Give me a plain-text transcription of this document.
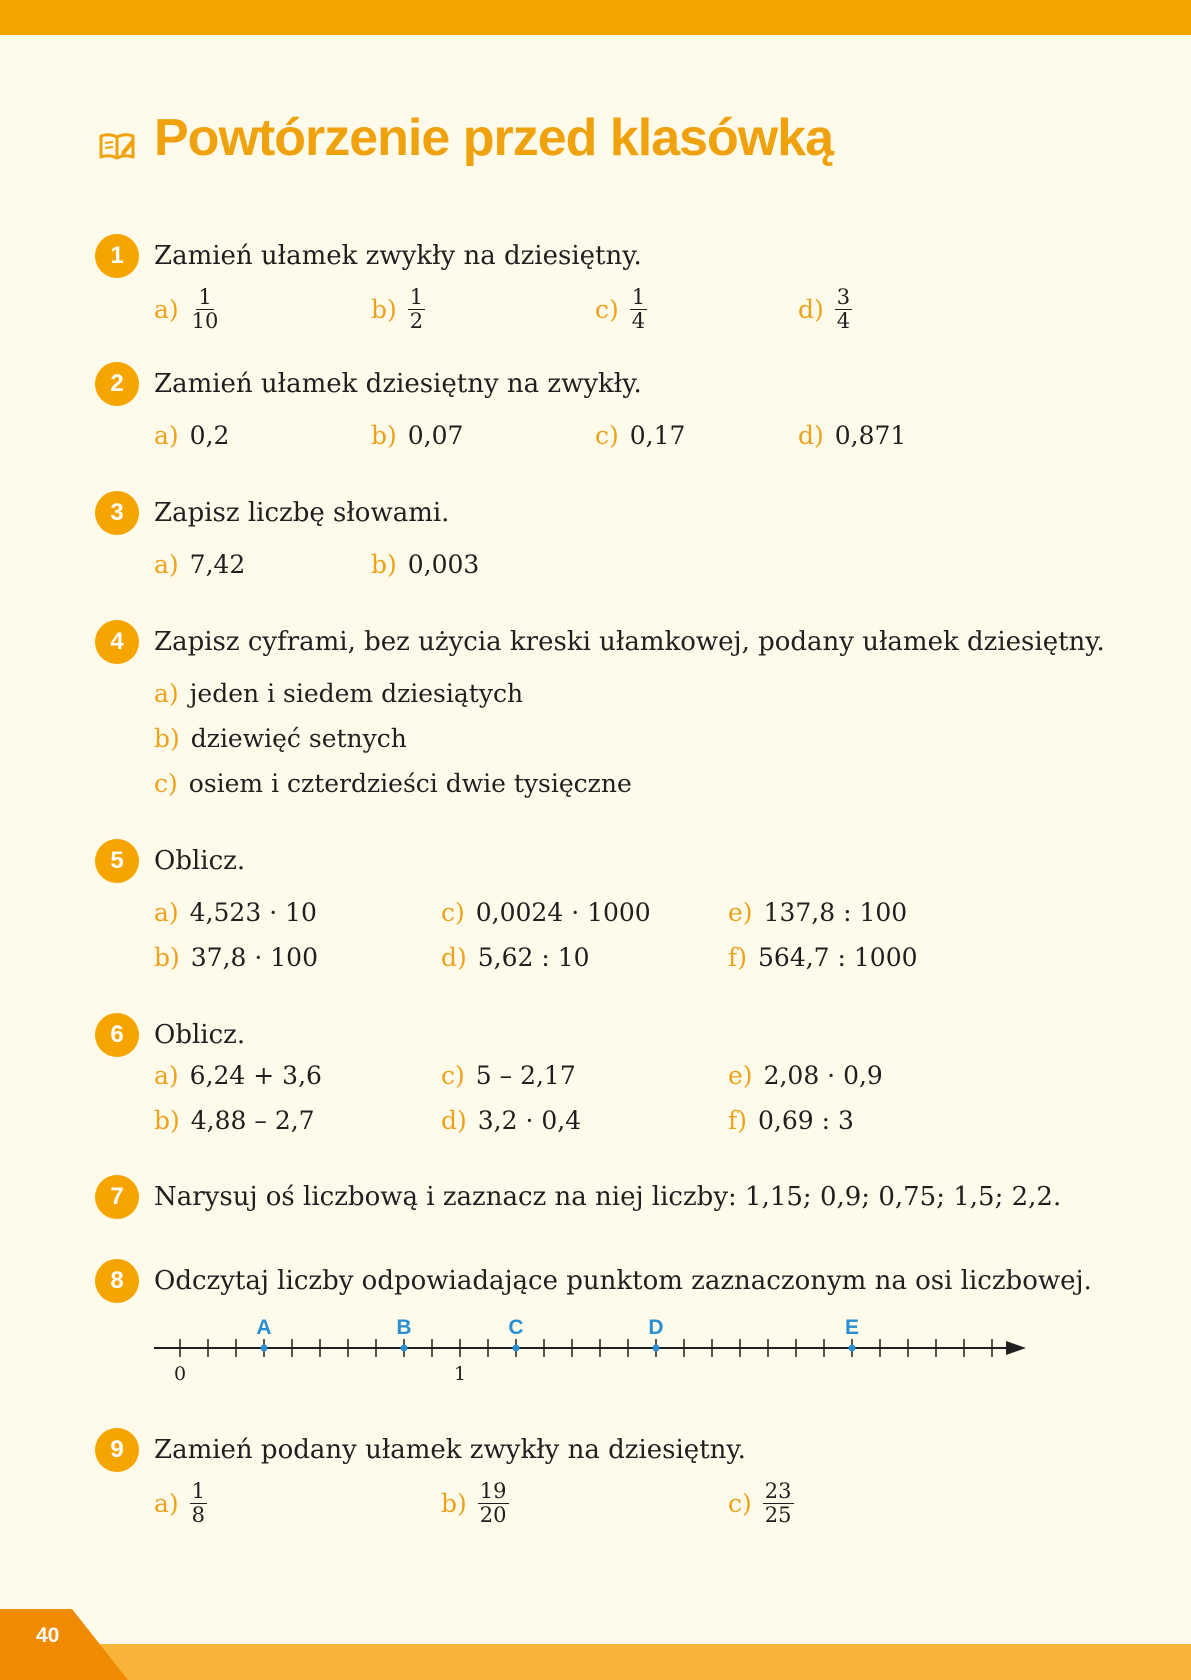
Powtórzenie przed klasówką
1	Zamień ułamek zwykły na dziesiętny.
$a) \frac{1}{10}$	$b) \frac{1}{2}$	$c) \frac{1}{4}$	$d) \frac{3}{4}$
2	Zamień ułamek dziesiętny na zwykły.
a) 0,2	b) 0,07	c) 0,17	d) 0,871
3	Zapisz liczbę słowami.
a) 7,42	b) 0,003
4	Zapisz cyframi, bez użycia kreski ułamkowej, podany ułamek dziesiętny.
a) jeden i siedem dziesiątych
b) dziewięć setnych
c) osiem i czterdzieści dwie tysięczne
5	Oblicz.
a) 4,523 · 10
b) 37,8 · 100
c) 0,0024 · 1000
d) 5,62 : 10
e) 137,8 : 100
f) 564,7 : 1000
6	Oblicz.
a) 6,24 + 3,6
b) 4,88 – 2,7
c) 5 – 2,17
d) 3,2 · 0,4
e) 2,08 · 0,9
f) 0,69 : 3
7	Narysuj oś liczbową i zaznacz na niej liczby: 1,15; 0,9; 0,75; 1,5; 2,2.
8	Odczytaj liczby odpowiadające punktom zaznaczonym na osi liczbowej.
0	1
A	B	C	D	E
9	Zamień podany ułamek zwykły na dziesiętny.
$a) \frac{1}{8}$	$b) \frac{19}{20}$	$c) \frac{23}{25}$
40
